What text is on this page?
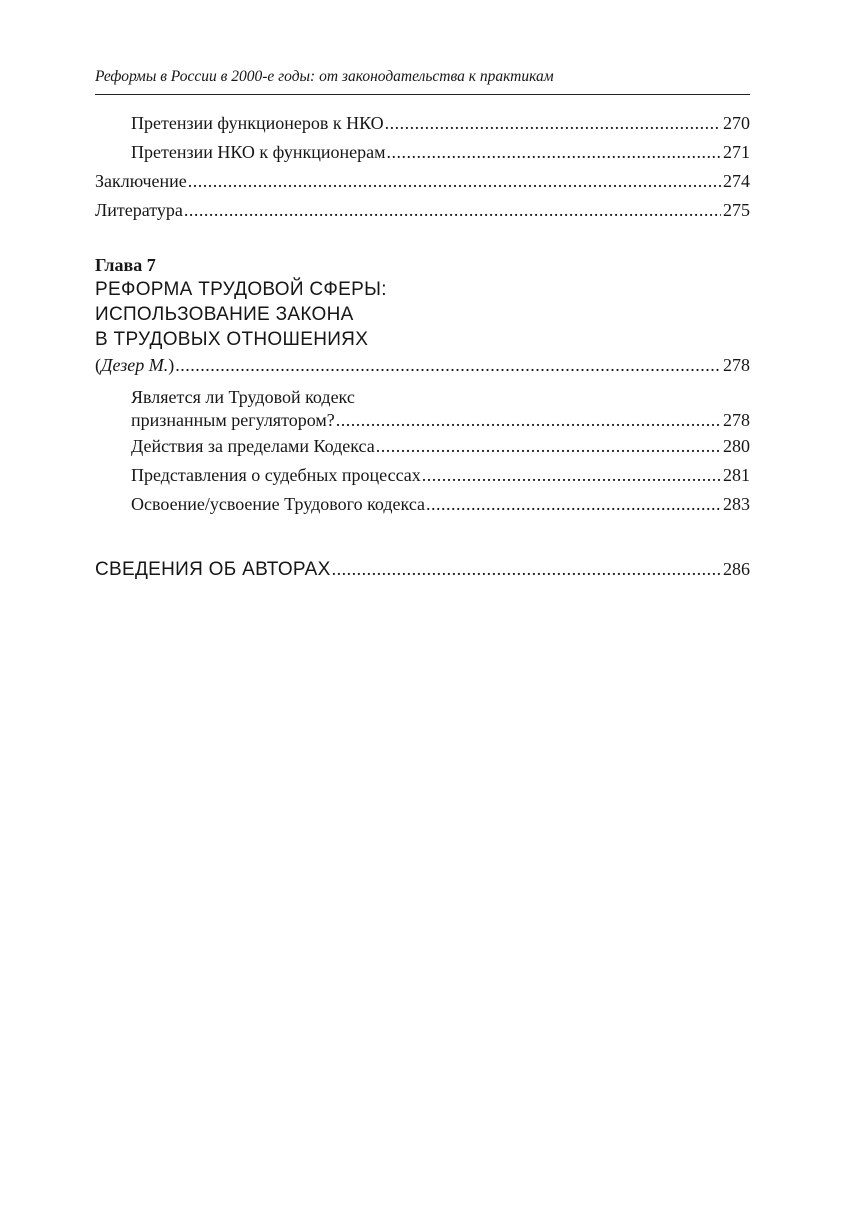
Реформы в России в 2000-е годы: от законодательства к практикам
Претензии функционеров к НКО .....	270
Претензии НКО к функционерам .....	271
Заключение .....	274
Литература .....	275
Глава 7
РЕФОРМА ТРУДОВОЙ СФЕРЫ:
ИСПОЛЬЗОВАНИЕ ЗАКОНА
В ТРУДОВЫХ ОТНОШЕНИЯХ
(Дезер М.) .....	278
Является ли Трудовой кодекс
признанным регулятором? .....	278
Действия за пределами Кодекса .....	280
Представления о судебных процессах .....	281
Освоение/усвоение Трудового кодекса .....	283
СВЕДЕНИЯ ОБ АВТОРАХ .....	286
